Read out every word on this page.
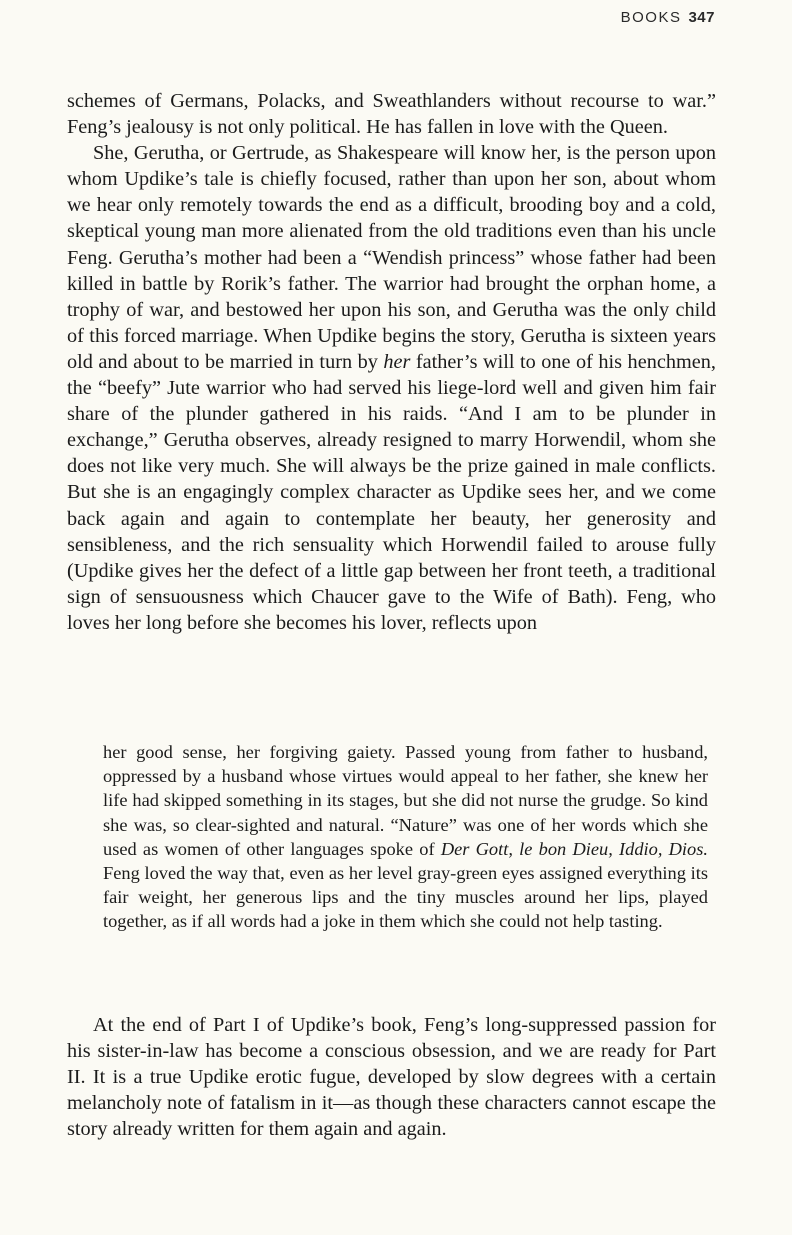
BOOKS 347

schemes of Germans, Polacks, and Sweathlanders without recourse to war.” Feng’s jealousy is not only political. He has fallen in love with the Queen.

She, Gerutha, or Gertrude, as Shakespeare will know her, is the person upon whom Updike’s tale is chiefly focused, rather than upon her son, about whom we hear only remotely towards the end as a difficult, brooding boy and a cold, skeptical young man more alienated from the old traditions even than his uncle Feng. Gerutha’s mother had been a “Wendish princess” whose father had been killed in battle by Rorik’s father. The warrior had brought the orphan home, a trophy of war, and bestowed her upon his son, and Gerutha was the only child of this forced marriage. When Updike begins the story, Gerutha is sixteen years old and about to be married in turn by her father’s will to one of his henchmen, the “beefy” Jute warrior who had served his liege-lord well and given him fair share of the plunder gathered in his raids. “And I am to be plunder in exchange,” Gerutha observes, already resigned to marry Horwendil, whom she does not like very much. She will always be the prize gained in male conflicts. But she is an engagingly complex character as Updike sees her, and we come back again and again to contemplate her beauty, her generosity and sensibleness, and the rich sensuality which Horwendil failed to arouse fully (Updike gives her the defect of a little gap between her front teeth, a traditional sign of sensuousness which Chaucer gave to the Wife of Bath). Feng, who loves her long before she becomes his lover, reflects upon

her good sense, her forgiving gaiety. Passed young from father to husband, oppressed by a husband whose virtues would appeal to her father, she knew her life had skipped something in its stages, but she did not nurse the grudge. So kind she was, so clear-sighted and natural. “Nature” was one of her words which she used as women of other languages spoke of Der Gott, le bon Dieu, Iddio, Dios. Feng loved the way that, even as her level gray-green eyes assigned everything its fair weight, her generous lips and the tiny muscles around her lips, played together, as if all words had a joke in them which she could not help tasting.

At the end of Part I of Updike’s book, Feng’s long-suppressed passion for his sister-in-law has become a conscious obsession, and we are ready for Part II. It is a true Updike erotic fugue, developed by slow degrees with a certain melancholy note of fatalism in it—as though these characters cannot escape the story already written for them again and again.
